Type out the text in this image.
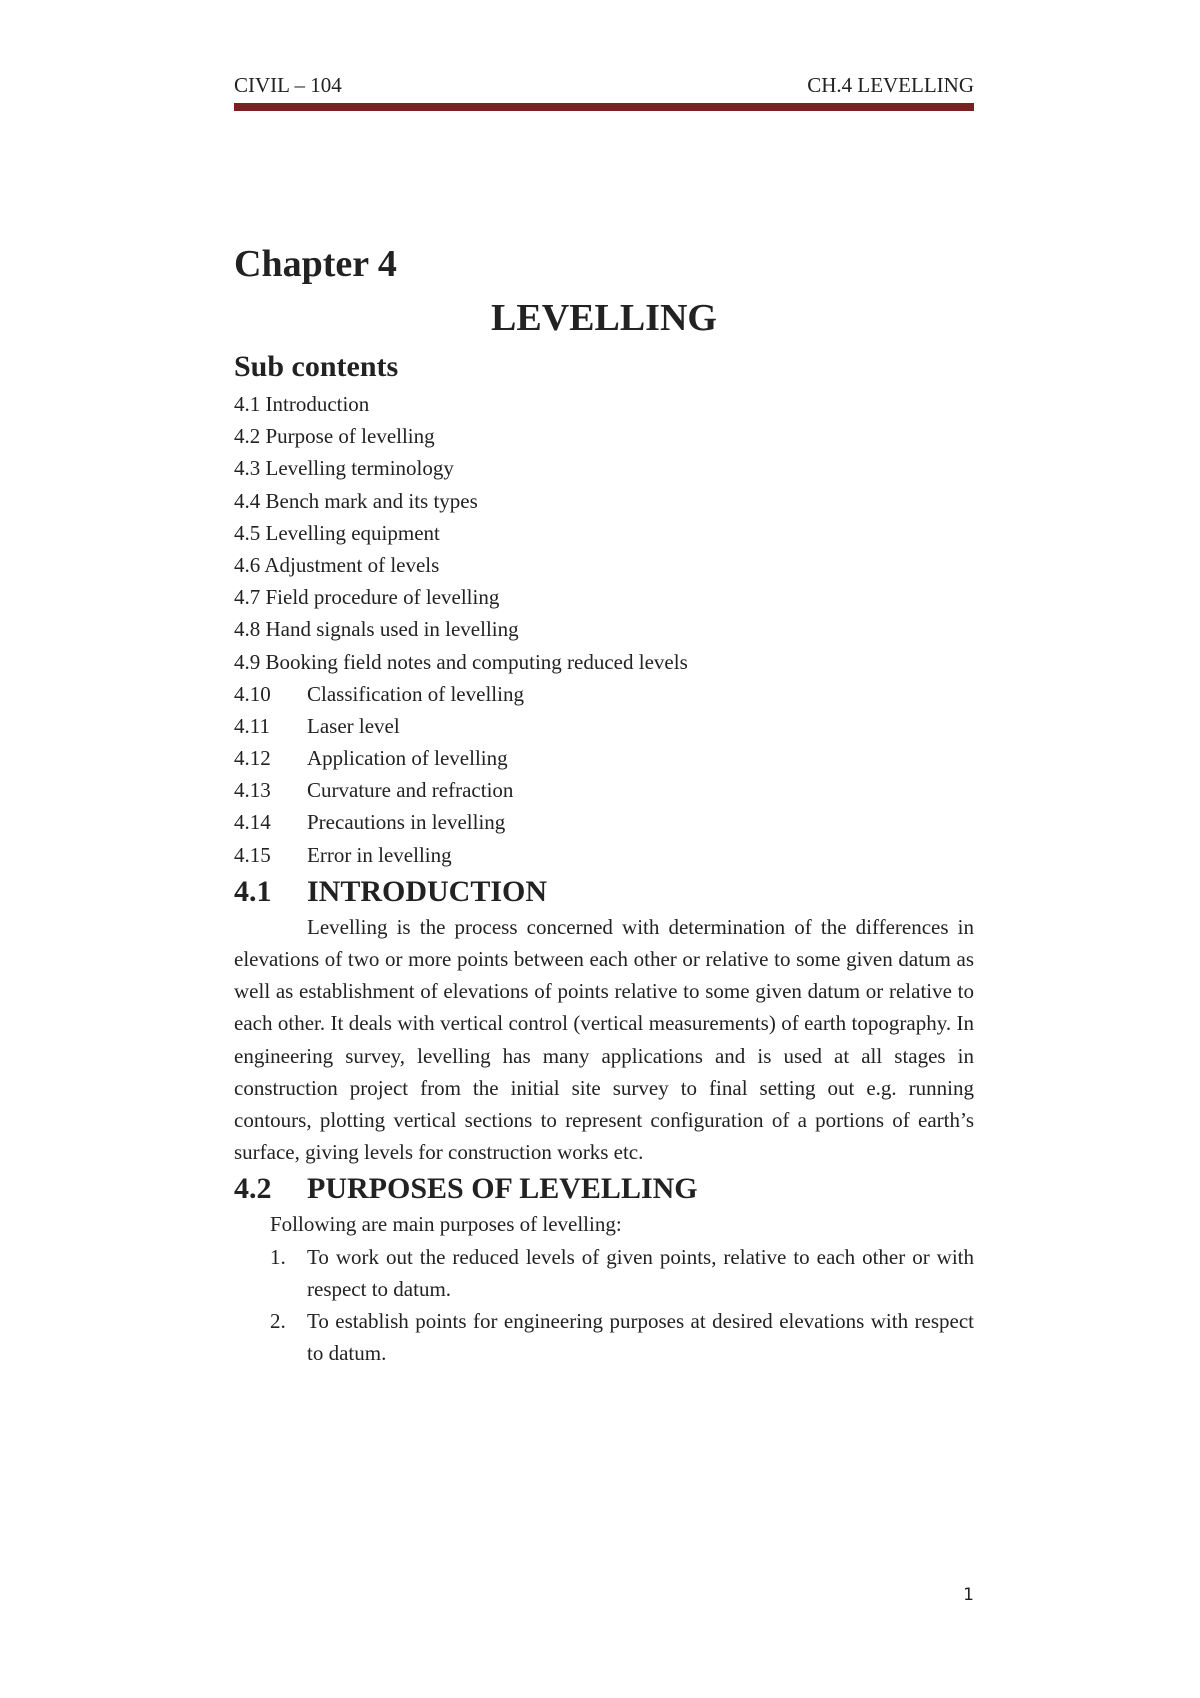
CIVIL – 104	CH.4 LEVELLING
Chapter 4
LEVELLING
Sub contents
4.1 Introduction
4.2 Purpose of levelling
4.3 Levelling terminology
4.4 Bench mark and its types
4.5 Levelling equipment
4.6 Adjustment of levels
4.7 Field procedure of levelling
4.8 Hand signals used in levelling
4.9 Booking field notes and computing reduced levels
4.10 Classification of levelling
4.11 Laser level
4.12 Application of levelling
4.13 Curvature and refraction
4.14 Precautions in levelling
4.15 Error in levelling
4.1 INTRODUCTION

Levelling is the process concerned with determination of the differences in elevations of two or more points between each other or relative to some given datum as well as establishment of elevations of points relative to some given datum or relative to each other. It deals with vertical control (vertical measurements) of earth topography. In engineering survey, levelling has many applications and is used at all stages in construction project from the initial site survey to final setting out e.g. running contours, plotting vertical sections to represent configuration of a portions of earth’s surface, giving levels for construction works etc.

4.2 PURPOSES OF LEVELLING

Following are main purposes of levelling:

1. To work out the reduced levels of given points, relative to each other or with respect to datum.
2. To establish points for engineering purposes at desired elevations with respect to datum.
1
